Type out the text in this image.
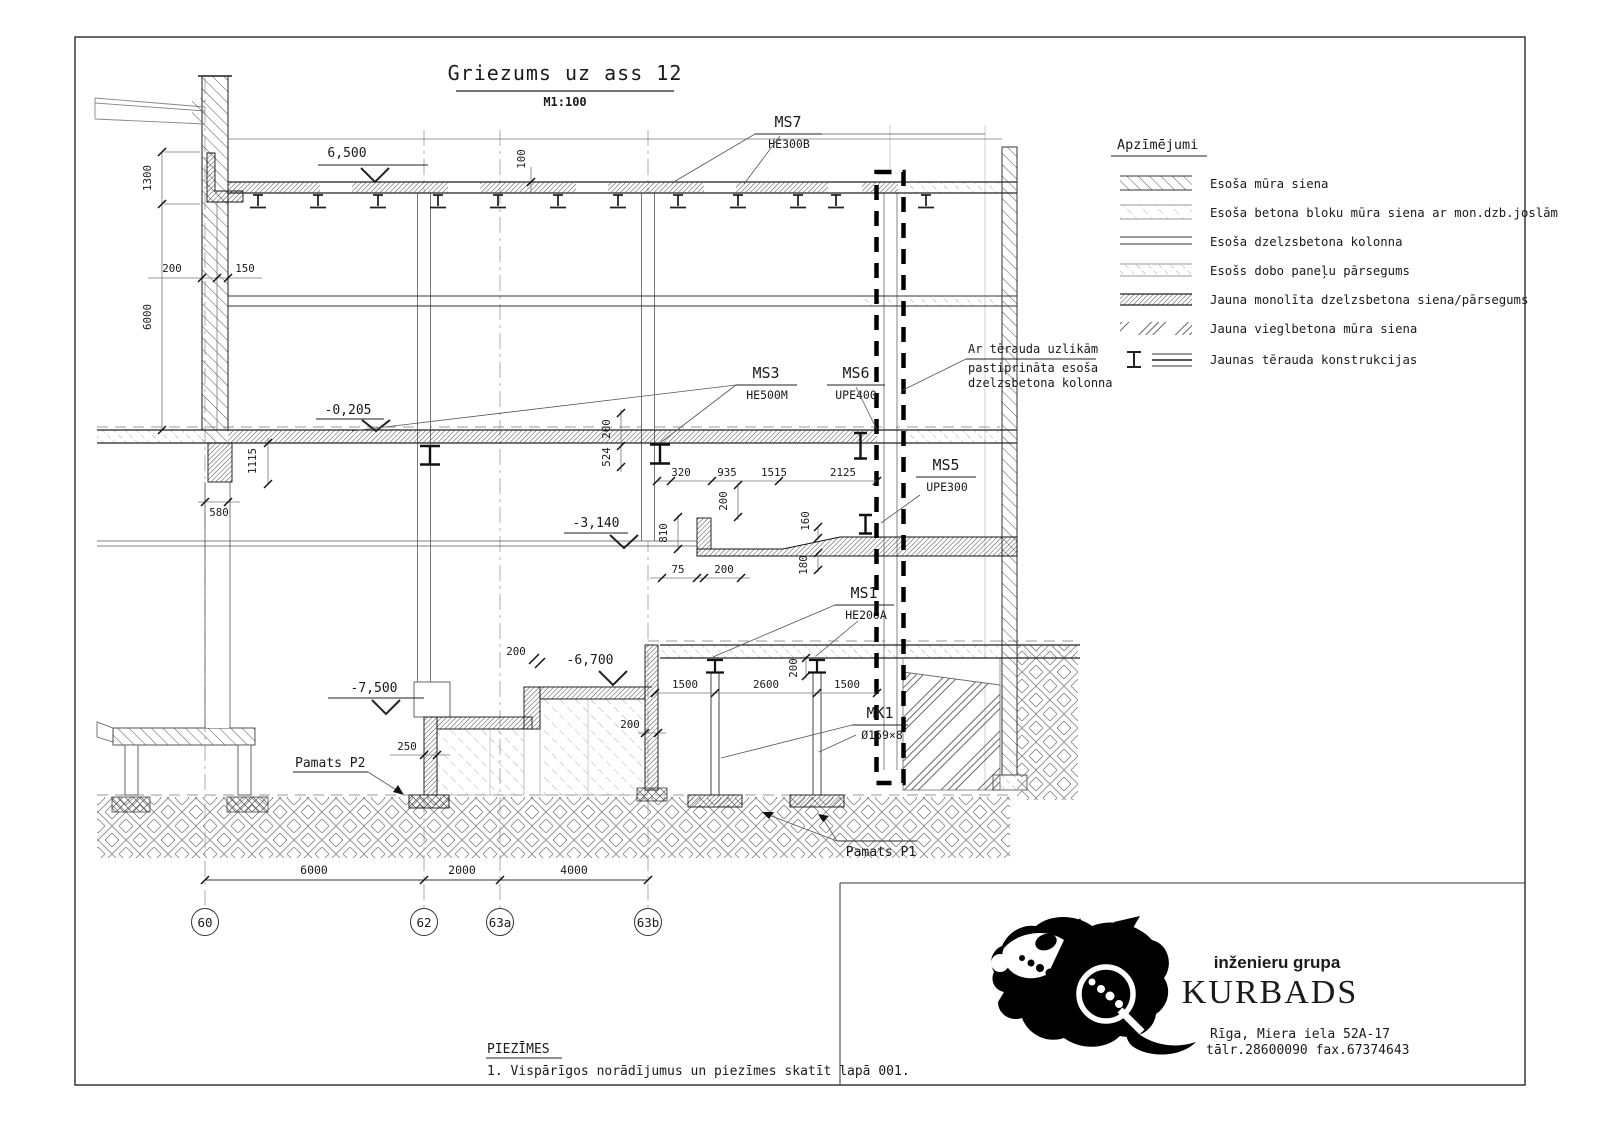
Griezums uz ass 12
M1:100
6,500
-0,205
-3,140
-7,500
-6,700
MS7
HE300B
MS3
HE500M
MS6
UPE400
MS5
UPE300
MS1
HE200A
MK1
Ø159×8
Ar tērauda uzlikām
pastiprināta esoša
dzelzsbetona kolonna
Pamats P2
Pamats P1
1300
6000
200	150
100
200
524
1115
580
320 935 1515	2125
200
810
160
180
75	200
200
200
250
1500	2600	1500
200
6000	2000	4000
60	62	63a	63b
Apzīmējumi
Esoša mūra siena
Esoša betona bloku mūra siena ar mon.dzb.joslām
Esoša dzelzsbetona kolonna
Esošs dobo paneļu pārsegums
Jauna monolīta dzelzsbetona siena/pārsegums
Jauna vieglbetona mūra siena
Jaunas tērauda konstrukcijas
PIEZĪMES
1. Vispārīgos norādījumus un piezīmes skatīt lapā 001.
inženieru grupa
KURBADS
Rīga, Miera iela 52A-17
tālr.28600090 fax.67374643
